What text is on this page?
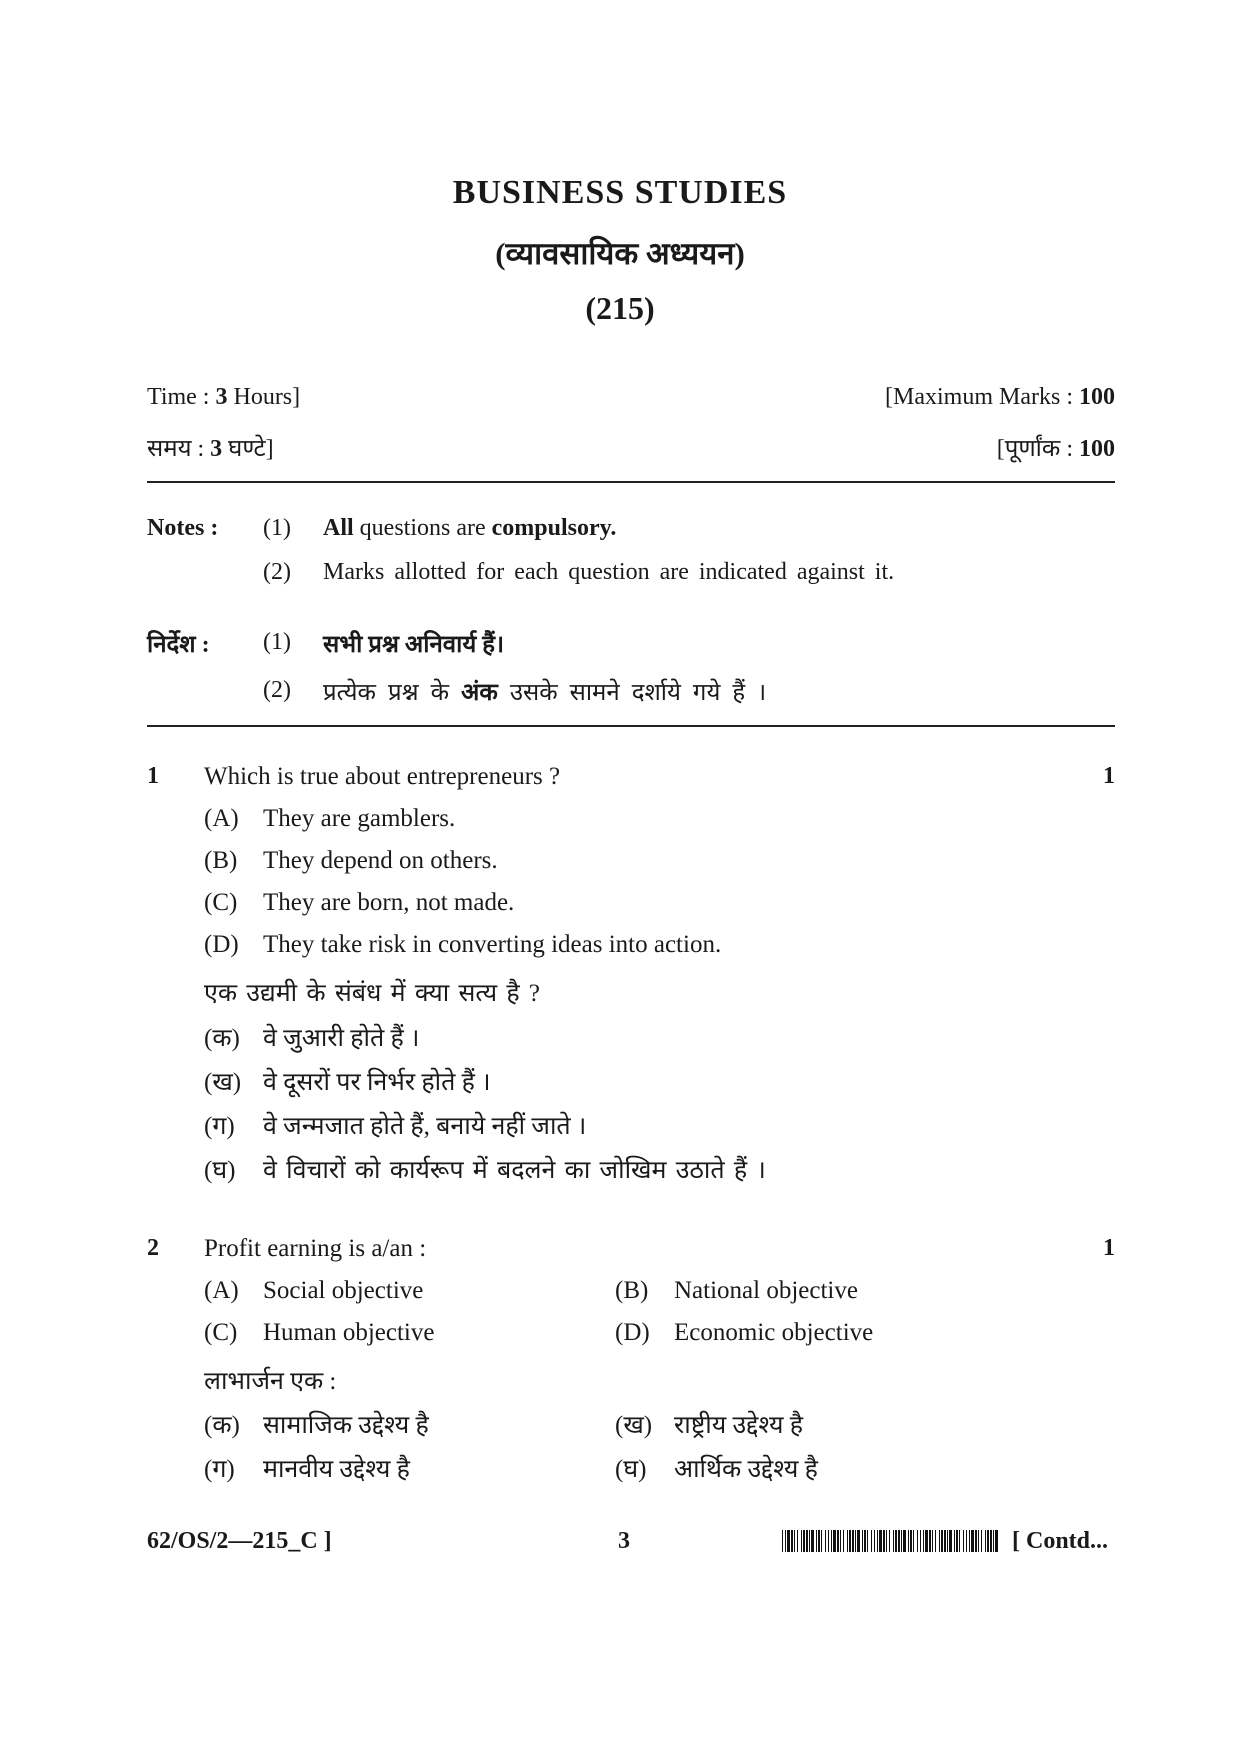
BUSINESS STUDIES
(व्यावसायिक अध्ययन)
(215)
Time : 3 Hours]	[Maximum Marks : 100
समय : 3 घण्टे]	[पूर्णांक : 100
Notes : (1) All questions are compulsory.
(2) Marks allotted for each question are indicated against it.
निर्देश : (1) सभी प्रश्न अनिवार्य हैं।
(2) प्रत्येक प्रश्न के अंक उसके सामने दर्शाये गये हैं ।
1 Which is true about entrepreneurs ?	1
(A) They are gamblers.
(B) They depend on others.
(C) They are born, not made.
(D) They take risk in converting ideas into action.
एक उद्यमी के संबंध में क्या सत्य है ?
(क) वे जुआरी होते हैं ।
(ख) वे दूसरों पर निर्भर होते हैं ।
(ग) वे जन्मजात होते हैं, बनाये नहीं जाते ।
(घ) वे विचारों को कार्यरूप में बदलने का जोखिम उठाते हैं ।
2 Profit earning is a/an :	1
(A) Social objective	(B) National objective
(C) Human objective	(D) Economic objective
लाभार्जन एक :
(क) सामाजिक उद्देश्य है	(ख) राष्ट्रीय उद्देश्य है
(ग) मानवीय उद्देश्य है	(घ) आर्थिक उद्देश्य है
62/OS/2—215_C ]	3	[ Contd...
